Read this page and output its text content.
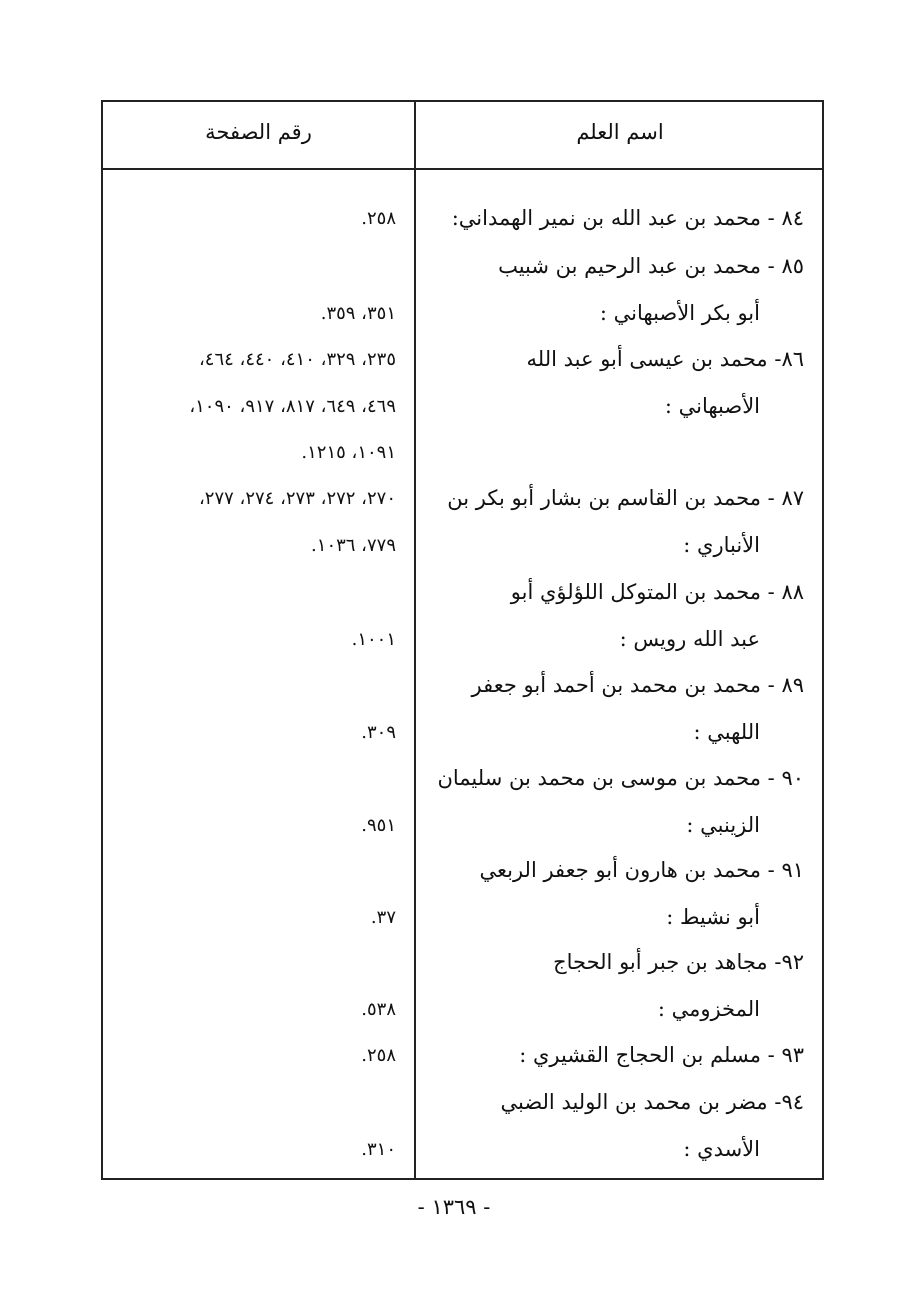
اسم العلم
رقم الصفحة
٨٤ - محمد بن عبد الله بن نمير الهمداني:
٢٥٨.
٨٥ - محمد بن عبد الرحيم بن شبيب
أبو بكر الأصبهاني :
٣٥١، ٣٥٩.
٨٦- محمد بن عيسى أبو عبد الله
الأصبهاني :
٢٣٥، ٣٢٩، ٤١٠، ٤٤٠، ٤٦٤،
٤٦٩، ٦٤٩، ٨١٧، ٩١٧، ١٠٩٠،
١٠٩١، ١٢١٥.
٨٧ - محمد بن القاسم بن بشار أبو بكر بن
الأنباري :
٢٧٠، ٢٧٢، ٢٧٣، ٢٧٤، ٢٧٧،
٧٧٩، ١٠٣٦.
٨٨ - محمد بن المتوكل اللؤلؤي أبو
عبد الله رويس :
١٠٠١.
٨٩ - محمد بن محمد بن أحمد أبو جعفر
اللهبي :
٣٠٩.
٩٠ - محمد بن موسى بن محمد بن سليمان
الزينبي :
٩٥١.
٩١ - محمد بن هارون أبو جعفر الربعي
أبو نشيط :
٣٧.
٩٢- مجاهد بن جبر أبو الحجاج
المخزومي :
٥٣٨.
٩٣ - مسلم بن الحجاج القشيري :
٢٥٨.
٩٤- مضر بن محمد بن الوليد الضبي
الأسدي :
٣١٠.
- ١٣٦٩ -
